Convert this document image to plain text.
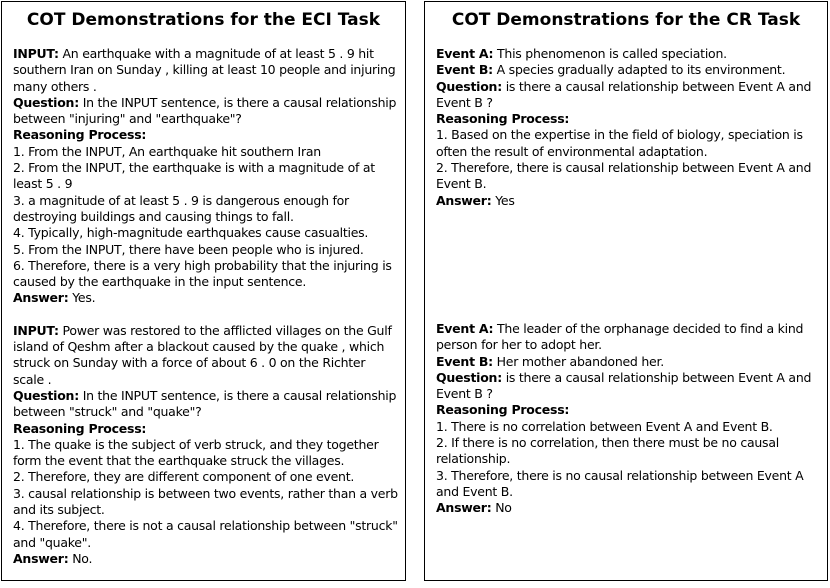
COT Demonstrations for the ECI Task

INPUT: An earthquake with a magnitude of at least 5 . 9 hit southern Iran on Sunday , killing at least 10 people and injuring many others .

Question: In the INPUT sentence, is there a causal relationship between "injuring" and "earthquake"?

Reasoning Process:

1. From the INPUT, An earthquake hit southern Iran

2. From the INPUT, the earthquake is with a magnitude of at least 5 . 9

3. a magnitude of at least 5 . 9 is dangerous enough for destroying buildings and causing things to fall.

4. Typically, high-magnitude earthquakes cause casualties.

5. From the INPUT, there have been people who is injured.

6. Therefore, there is a very high probability that the injuring is caused by the earthquake in the input sentence.

Answer: Yes.

INPUT: Power was restored to the afflicted villages on the Gulf island of Qeshm after a blackout caused by the quake , which struck on Sunday with a force of about 6 . 0 on the Richter scale .

Question: In the INPUT sentence, is there a causal relationship between "struck" and "quake"?

Reasoning Process:

1. The quake is the subject of verb struck, and they together form the event that the earthquake struck the villages.

2. Therefore, they are different component of one event.

3. causal relationship is between two events, rather than a verb and its subject.

4. Therefore, there is not a causal relationship between "struck" and "quake".

Answer: No.

COT Demonstrations for the CR Task

Event A: This phenomenon is called speciation.

Event B: A species gradually adapted to its environment.

Question: is there a causal relationship between Event A and Event B ?

Reasoning Process:

1. Based on the expertise in the field of biology, speciation is often the result of environmental adaptation.

2. Therefore, there is causal relationship between Event A and Event B.

Answer: Yes

Event A: The leader of the orphanage decided to find a kind person for her to adopt her.

Event B: Her mother abandoned her.

Question: is there a causal relationship between Event A and Event B ?

Reasoning Process:

1. There is no correlation between Event A and Event B.

2. If there is no correlation, then there must be no causal relationship.

3. Therefore, there is no causal relationship between Event A and Event B.

Answer: No
